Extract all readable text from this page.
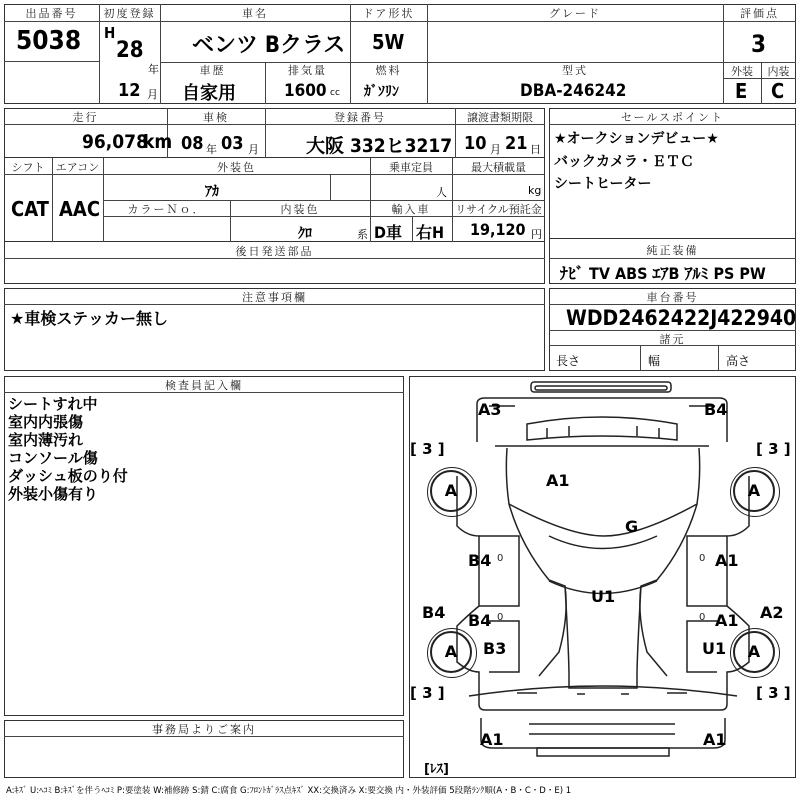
出品番号
5038
初度登録
H
28
年
12 月
車名
ベンツ Bクラス
ドア形状
5W
グレード	評価点
3
車歴
自家用
排気量
1600 cc
燃料
ｶﾞｿﾘﾝ
型式
DBA-246242
外装	内装
E C
走行
96,078
km
車検
08 年 03 月
登録番号
大阪 332ヒ3217
譲渡書類期限
10 月 21 日
セールスポイント
★オークションデビュー★
バックカメラ・ＥＴＣ
シートヒーター
シフト
CAT
エアコン
AAC
外装色
ｱｶ
乗車定員
人
最大積載量
kg
カラーＮｏ．	内装色
ｸﾛ	系
輸入車
D車 右H
リサイクル預託金
19,120 円
後日発送部品	純正装備
ﾅﾋﾞ TV ABS ｴｱB ｱﾙﾐ PS PW
注意事項欄
★車検ステッカー無し
車台番号
WDD2462422J422940
諸元
長さ	幅	高さ
検査員記入欄
シートすれ中
室内内張傷
室内薄汚れ
コンソール傷
ダッシュ板のり付
外装小傷有り
事務局よりご案内
0	0
0	0
A	A
A	A
[ 3 ]	[ 3 ]
[ 3 ]	[ 3 ]
[ﾚｽ]
A3	B4
A1
G
B4	A1
B4 B4
U1
A1 A2
B3	U1
A1	A1
A:ｷｽﾞ U:ﾍｺﾐ B:ｷｽﾞを伴うﾍｺﾐ P:要塗装 W:補修跡 S:錆 C:腐食 G:ﾌﾛﾝﾄｶﾞﾗｽ点ｷｽﾞ XX:交換済み X:要交換 内・外装評価 5段階ﾗﾝｸ順(A・B・C・D・E) 1
